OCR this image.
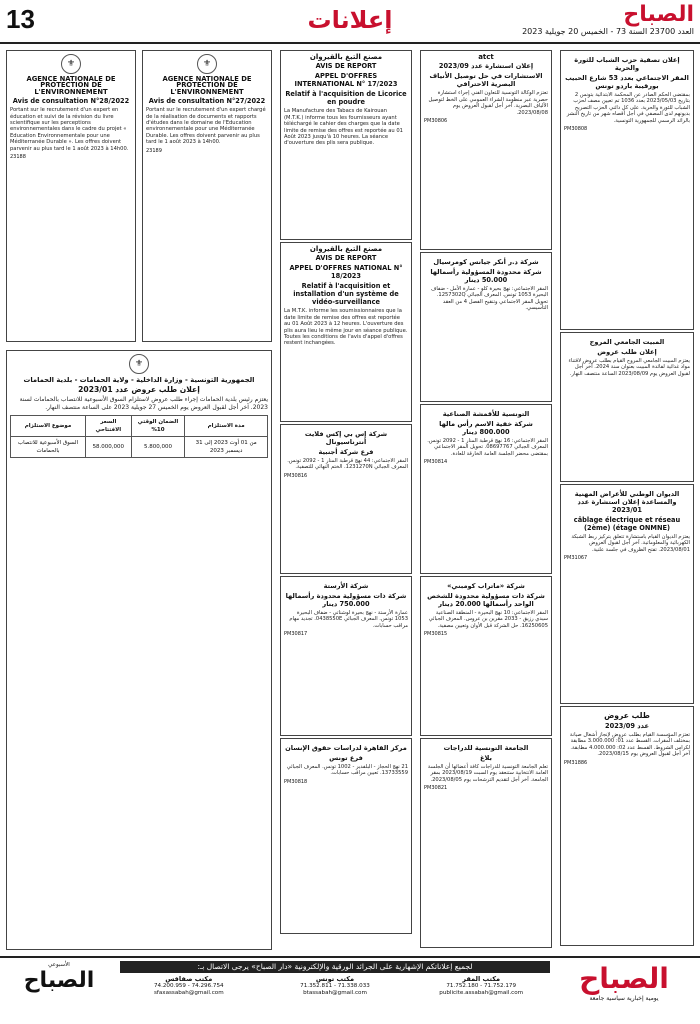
13	إعلانات	الصباح
العدد 23700 السنة 73 - الخميس 20 جويلية 2023
⚜
AGENCE NATIONALE DE PROTECTION DE L'ENVIRONNEMENT
Avis de consultation N°28/2022
Portant sur le recrutement d'un expert en éducation et suivi de la révision du livre scientifique sur les perceptions environnementales dans le cadre du projet « Education Environnementale pour une Méditerranée Durable ». Les offres doivent parvenir au plus tard le 1 août 2023 à 14h00.
23188
⚜
AGENCE NATIONALE DE PROTECTION DE L'ENVIRONNEMENT
Avis de consultation N°27/2022
Portant sur le recrutement d'un expert chargé de la réalisation de documents et rapports d'études dans le domaine de l'Education environnementale pour une Méditerranée Durable. Les offres doivent parvenir au plus tard le 1 août 2023 à 14h00.
23189
⚜
الجمهورية التونسية - وزارة الداخلية - ولاية الحمامات - بلدية الحمامات
إعلان طلب عروض عدد 2023/01
يعتزم رئيس بلدية الحمامات إجراء طلب عروض لاستلزام السوق الأسبوعية للانتصاب بالحمامات لسنة 2023. آخر أجل لقبول العروض يوم الخميس 27 جويلية 2023 على الساعة منتصف النهار.
مدة الاستلزام	الضمان الوقتي 10%	السعر الافتتاحي	موضوع الاستلزام
من 01 أوت 2023 إلى 31 ديسمبر 2023	5.800,000	58.000,000	السوق الأسبوعية للانتصاب بالحمامات
مصنع التبغ بالقيروان
AVIS DE REPORT
APPEL D'OFFRES INTERNATIONAL N° 17/2023
Relatif à l'acquisition de Licorice en poudre
La Manufacture des Tabacs de Kairouan (M.T.K.) informe tous les fournisseurs ayant téléchargé le cahier des charges que la date limite de remise des offres est reportée au 01 Août 2023 jusqu'à 10 heures. La séance d'ouverture des plis sera publique.
مصنع التبغ بالقيروان
AVIS DE REPORT
APPEL D'OFFRES NATIONAL N° 18/2023
Relatif à l'acquisition et installation d'un système de vidéo-surveillance
La M.T.K. informe les soumissionnaires que la date limite de remise des offres est reportée au 01 Août 2023 à 12 heures. L'ouverture des plis aura lieu le même jour en séance publique. Toutes les conditions de l'avis d'appel d'offres restent inchangées.
شركة إس بي إكس فلايت أنترناسيونال
فرع شركة أجنبية
المقر الاجتماعي: 44 نهج قرطبة المنار 1 - 2092 تونس. المعرف الجبائي 1231270N. الختم النهائي للتصفية.
PM30816
شركة الأرستة
شركة ذات مسؤولية محدودة رأسمالها 750.000 دينار
عمارة الأرستة - نهج بحيرة لوشناتي - ضفاف البحيرة 1053 تونس. المعرف الجبائي 0438550E. تجديد مهام مراقب حسابات.
PM30817
مركز القاهرة لدراسات حقوق الإنسان
فرع تونس
21 نهج الحجاز - البلفدير - 1002 تونس. المعرف الجبائي 13733559. تعيين مراقب حسابات.
PM30818
atct
إعلان استشارة عدد 2023/09
الاستشارات في حل توصيل الأنياف البصرية الاحترافي
تعتزم الوكالة التونسية للتعاون الفني إجراء استشارة حصرية عبر منظومة الشراء العمومي على الخط لتوصيل الألياف البصرية. آخر أجل لقبول العروض يوم 2023/08/08.
PM30806
شركة د.ر أنكر جيانس كومرسيال
شركة محدودة المسؤولية رأسمالها 50.000 دينار
المقر الاجتماعي: نهج بحيرة كلو - عمارة الأمل - ضفاف البحيرة 1053 تونس. المعرف الجبائي 1257302Q. تحويل المقر الاجتماعي وتنقيح الفصل 4 من العقد التأسيسي.
التونسية للأقمشة الصناعية
شركة خفية الاسم رأس مالها 800.000 دينار
المقر الاجتماعي: 16 نهج قرطبة المنار 1 - 2092 تونس. المعرف الجبائي 08697767. تحويل المقر الاجتماعي بمقتضى محضر الجلسة العامة الخارقة للعادة.
PM30814
شركة «ماتراب كومبني»
شركة ذات مسؤولية محدودة للشخص الواحد رأسمالها 20.000 دينار
المقر الاجتماعي: 10 نهج البحيرة - المنطقة الصناعية سيدي رزيق - 2033 مقرين بن عروس. المعرف الجبائي 16250605. حل الشركة قبل الأوان وتعيين مصفية.
PM30815
الجامعة التونسية للدراجات
بلاغ
تعلم الجامعة التونسية للدراجات كافة أعضائها أن الجلسة العامة الانتخابية ستنعقد يوم السبت 2023/08/19 بمقر الجامعة. آخر أجل لتقديم الترشحات يوم 2023/08/05.
PM30821
إعلان تصفية حزب الشباب للثورة والحرية
المقر الاجتماعي بعدد 53 شارع الحبيب بورقيبة باردو تونس
بمقتضى الحكم الصادر عن المحكمة الابتدائية بتونس 2 بتاريخ 2023/05/03 بعدد 1036 تم تعيين مصف لحزب الشباب للثورة والحرية. على كل دائني الحزب التصريح بديونهم لدى المصفي في أجل أقصاه شهر من تاريخ النشر بالرائد الرسمي للجمهورية التونسية.
PM30808
المبيت الجامعي المروج
إعلان طلب عروض
يعتزم المبيت الجامعي المروج القيام بطلب عروض لاقتناء مواد غذائية لفائدة المبيت بعنوان سنة 2024. آخر أجل لقبول العروض يوم 2023/08/09 الساعة منتصف النهار.
الديوان الوطني للأعراض المهنية والمساعدة إعلان استشارة عدد 2023/01
câblage électrique et réseau (2ème) (étage ONMNE)
يعتزم الديوان القيام باستشارة تتعلق بتركيز ربط الشبكة الكهربائية والمعلوماتية. آخر أجل لقبول العروض 2023/08/01. تفتح الظروف في جلسة علنية.
PM31067
طلب عروض
عدد 2023/09
تعتزم المؤسسة القيام بطلب عروض لإنجاز أشغال صيانة بمختلف المقرات. القسط عدد 01: 3.000.000 مطابقة لكراس الشروط. القسط عدد 02: 4.000.000 مطابقة. آخر أجل لقبول العروض يوم 2023/08/15.
PM31886
الأسبوعي
الصباح
لجميع إعلاناتكم الإشهارية على الجرائد الورقية والإلكترونية «دار الصباح» يرجى الاتصال بـ:
مكتب صفاقس
74.296.754 - 74.200.959
sfaxassabah@gmail.com
مكتب تونس
71.338.033 - 71.352.811
btassabah@gmail.com
مكتب المقر
71.752.179 - 71.752.180
publicite.assabah@gmail.com	الصباح
يومية إخبارية سياسية جامعة
